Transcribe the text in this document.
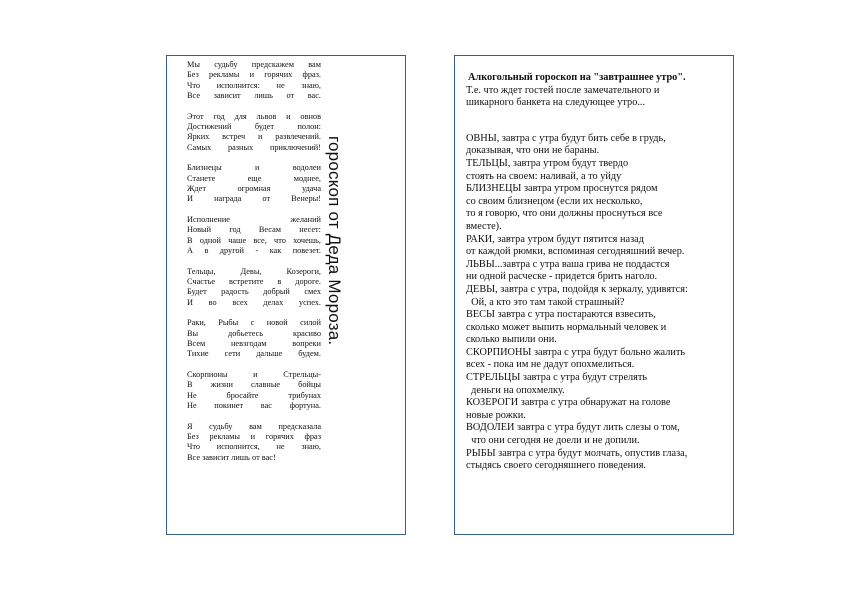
Мы судьбу предскажем вам
Без рекламы и горячих фраз.
Что исполнится: не знаю,
Все зависит лишь от вас.
Этот год для львов и овнов
Достижений будет полон:
Ярких встреч и развлечений.
Самых разных приключений!
Близнецы и водолеи
Станете еще моднее,
Ждет огромная удача
И награда от Венеры!
Исполнение желаний
Новый год Весам несет:
В одной чаше все, что хочешь,
А в другой - как повезет.
Тельцы, Девы, Козероги,
Счастье встретите в дороге.
Будет радость добрый смех
И во всех делах успех.
Раки, Рыбы с новой силой
Вы добьетесь красиво
Всем невзгодам вопреки
Тихие сети дальше будем.
Скорпионы и Стрельцы-
В жизни славные бойцы
Не бросайте трибунах
Не покинет вас фортуна.
Я судьбу вам предсказала
Без рекламы и горячих фраз
Что исполнится, не знаю,
Все зависит лишь от вас!
гороскоп от Деда Мороза.
Алкогольный гороскоп на "завтрашнее утро".
Т.е. что ждет гостей после замечательного и
шикарного банкета на следующее утро...
ОВНЫ, завтра с утра будут бить себе в грудь,
доказывая, что они не бараны.
ТЕЛЬЦЫ, завтра утром будут твердо
стоять на своем: наливай, а то уйду
БЛИЗНЕЦЫ завтра утром проснутся рядом
со своим близнецом (если их несколько,
то я говорю, что они должны проснуться все
вместе).
РАКИ, завтра утром будут пятится назад
от каждой рюмки, вспоминая сегодняшний вечер.
ЛЬВЫ...завтра с утра ваша грива не поддастся
ни одной расческе - придется брить наголо.
ДЕВЫ, завтра с утра, подойдя к зеркалу, удивятся:
Ой, а кто это там такой страшный?
ВЕСЫ завтра с утра постараются взвесить,
сколько может выпить нормальный человек и
сколько выпили они.
СКОРПИОНЫ завтра с утра будут больно жалить
всех - пока им не дадут опохмелиться.
СТРЕЛЬЦЫ завтра с утра будут стрелять
деньги на опохмелку.
КОЗЕРОГИ завтра с утра обнаружат на голове
новые рожки.
ВОДОЛЕИ завтра с утра будут лить слезы о том,
что они сегодня не доели и не допили.
РЫБЫ завтра с утра будут молчать, опустив глаза,
стыдясь своего сегодняшнего поведения.
